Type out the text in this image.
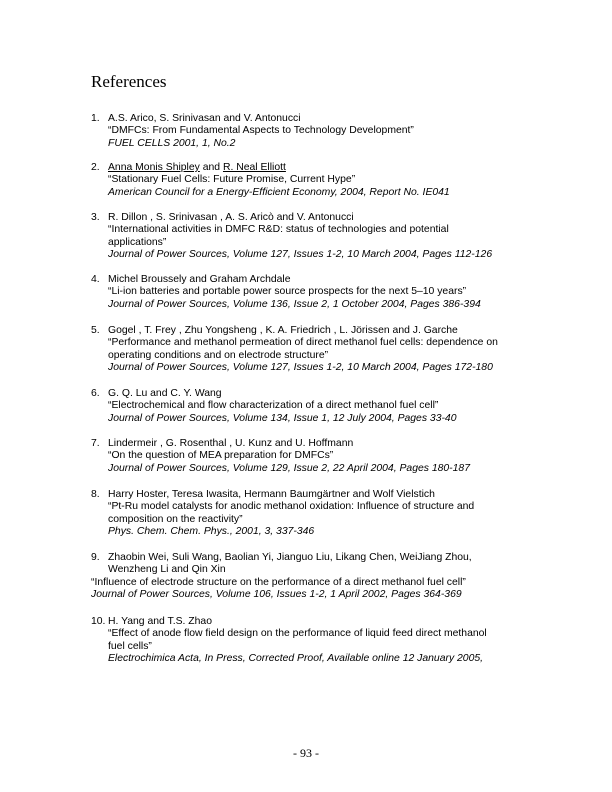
References
1. A.S. Arico, S. Srinivasan and V. Antonucci
“DMFCs: From Fundamental Aspects to Technology Development”
FUEL CELLS 2001, 1, No.2
2. Anna Monis Shipley and R. Neal Elliott
“Stationary Fuel Cells: Future Promise, Current Hype”
American Council for a Energy-Efficient Economy, 2004, Report No. IE041
3. R. Dillon , S. Srinivasan , A. S. Aricò and V. Antonucci
“International activities in DMFC R&D: status of technologies and potential
applications”
Journal of Power Sources, Volume 127, Issues 1-2, 10 March 2004, Pages 112-126
4. Michel Broussely and Graham Archdale
“Li-ion batteries and portable power source prospects for the next 5–10 years”
Journal of Power Sources, Volume 136, Issue 2, 1 October 2004, Pages 386-394
5. Gogel , T. Frey , Zhu Yongsheng , K. A. Friedrich , L. Jörissen and J. Garche
“Performance and methanol permeation of direct methanol fuel cells: dependence on
operating conditions and on electrode structure”
Journal of Power Sources, Volume 127, Issues 1-2, 10 March 2004, Pages 172-180
6. G. Q. Lu and C. Y. Wang
“Electrochemical and flow characterization of a direct methanol fuel cell”
Journal of Power Sources, Volume 134, Issue 1, 12 July 2004, Pages 33-40
7. Lindermeir , G. Rosenthal , U. Kunz and U. Hoffmann
“On the question of MEA preparation for DMFCs”
Journal of Power Sources, Volume 129, Issue 2, 22 April 2004, Pages 180-187
8. Harry Hoster, Teresa Iwasita, Hermann Baumgärtner and Wolf Vielstich
“Pt-Ru model catalysts for anodic methanol oxidation: Influence of structure and
composition on the reactivity”
Phys. Chem. Chem. Phys., 2001, 3, 337-346
9. Zhaobin Wei, Suli Wang, Baolian Yi, Jianguo Liu, Likang Chen, WeiJiang Zhou,
Wenzheng Li and Qin Xin
“Influence of electrode structure on the performance of a direct methanol fuel cell”
Journal of Power Sources, Volume 106, Issues 1-2, 1 April 2002, Pages 364-369
10. H. Yang and T.S. Zhao
“Effect of anode flow field design on the performance of liquid feed direct methanol
fuel cells”
Electrochimica Acta, In Press, Corrected Proof, Available online 12 January 2005,
- 93 -
